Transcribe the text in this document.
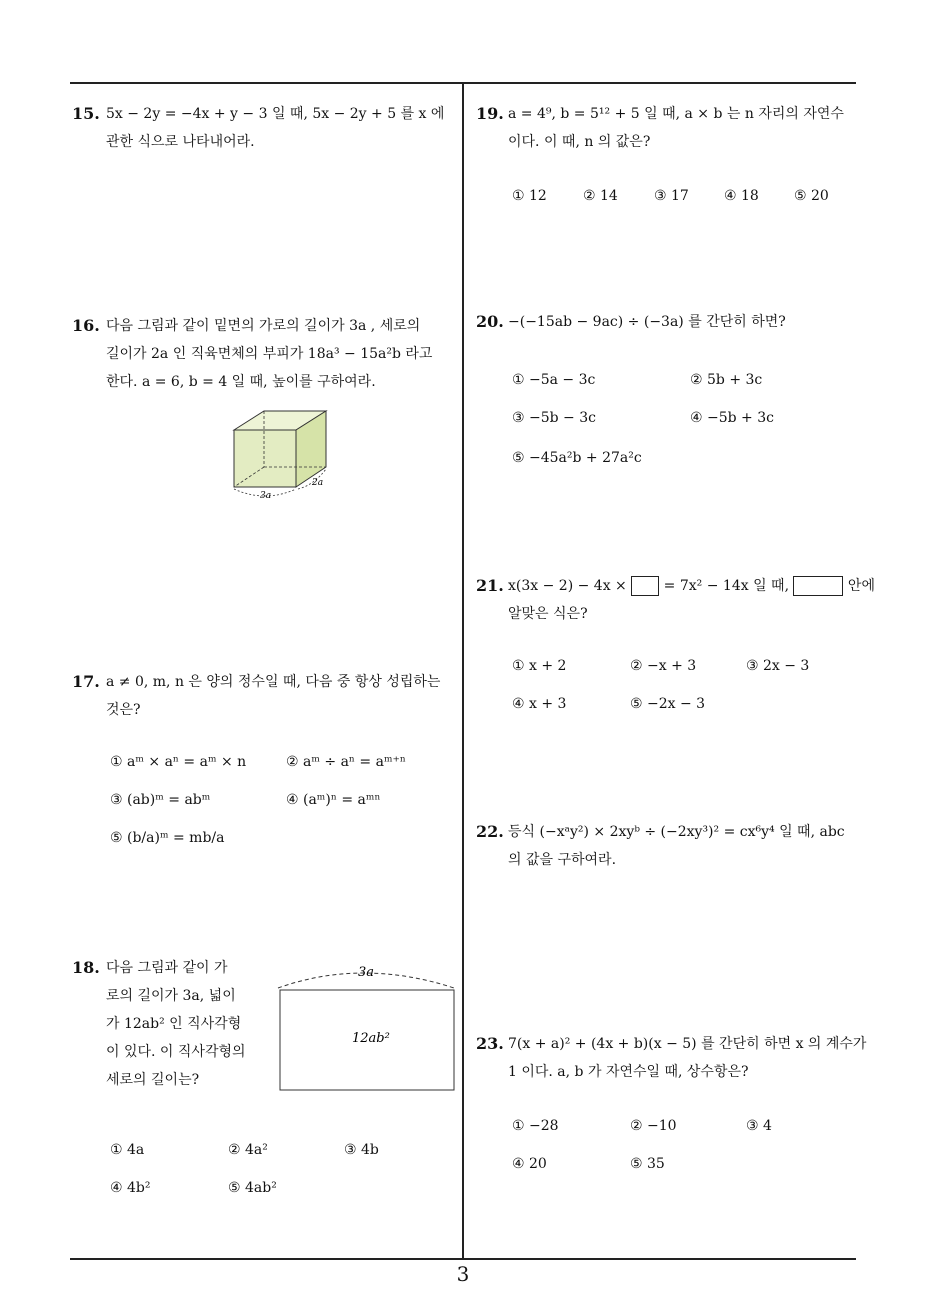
15. 5x − 2y = −4x + y − 3 일 때, 5x − 2y + 5 를 x 에
관한 식으로 나타내어라.
16. 다음 그림과 같이 밑면의 가로의 길이가 3a , 세로의
길이가 2a 인 직육면체의 부피가 18a³ − 15a²b 라고
한다. a = 6, b = 4 일 때, 높이를 구하여라.
3a
2a
17. a ≠ 0, m, n 은 양의 정수일 때, 다음 중 항상 성립하는
것은?
① aᵐ × aⁿ = aᵐ × n	② aᵐ ÷ aⁿ = aᵐ⁺ⁿ
③ (ab)ᵐ = abᵐ	④ (aᵐ)ⁿ = aᵐⁿ
⑤ (b/a)ᵐ = mb/a
18. 다음 그림과 같이 가
로의 길이가 3a, 넓이
가 12ab² 인 직사각형
이 있다. 이 직사각형의
세로의 길이는?
3a
12ab²
① 4a	② 4a²	③ 4b
④ 4b²	⑤ 4ab²
19. a = 4⁹, b = 5¹² + 5 일 때, a × b 는 n 자리의 자연수
이다. 이 때, n 의 값은?
① 12	② 14	③ 17	④ 18	⑤ 20
20. −(−15ab − 9ac) ÷ (−3a) 를 간단히 하면?
① −5a − 3c	② 5b + 3c
③ −5b − 3c	④ −5b + 3c
⑤ −45a²b + 27a²c
21. x(3x − 2) − 4x ×  = 7x² − 14x 일 때,	안에
알맞은 식은?
① x + 2	② −x + 3	③ 2x − 3
④ x + 3	⑤ −2x − 3
22. 등식 (−xᵃy²) × 2xyᵇ ÷ (−2xy³)² = cx⁶y⁴ 일 때, abc
의 값을 구하여라.
23. 7(x + a)² + (4x + b)(x − 5) 를 간단히 하면 x 의 계수가
1 이다. a, b 가 자연수일 때, 상수항은?
① −28	② −10	③ 4
④ 20	⑤ 35
3
